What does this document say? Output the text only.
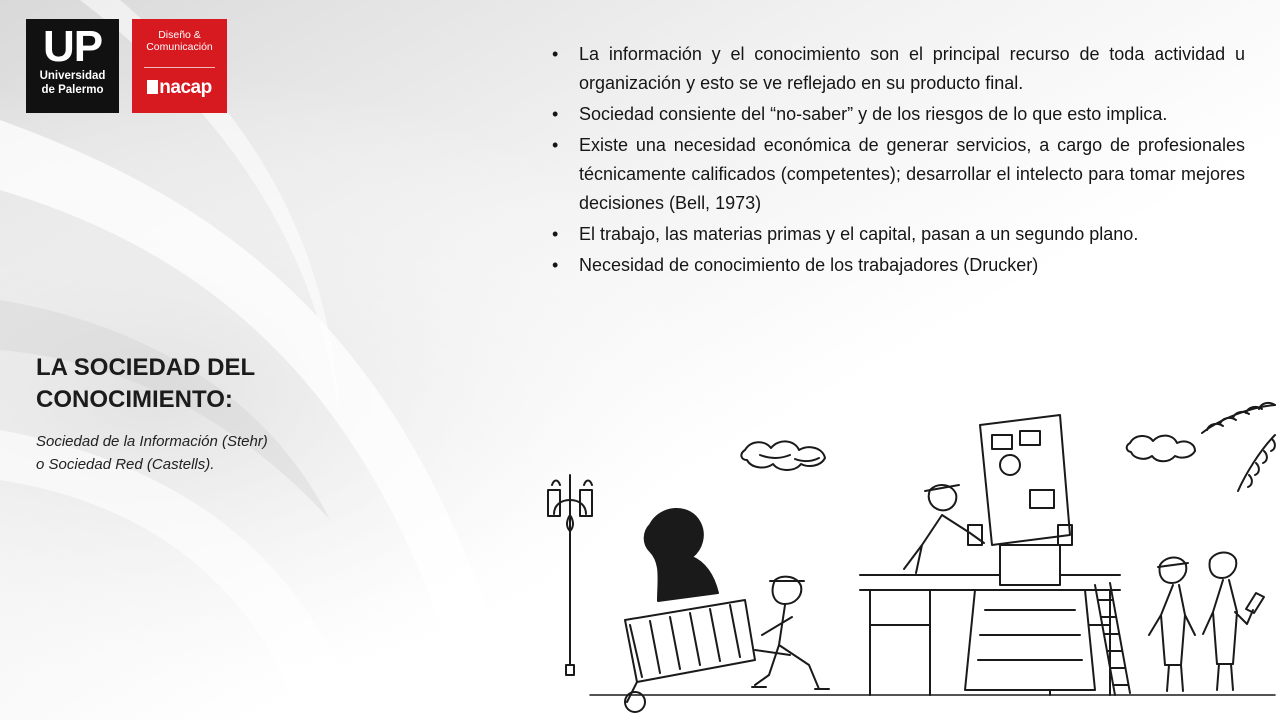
UP
Universidad
de Palermo
Diseño &
Comunicación
nacap
• La información y el conocimiento son el principal recurso de toda actividad u organización y esto se ve reflejado en su producto final.
• Sociedad consiente del “no-saber” y de los riesgos de lo que esto implica.
• Existe una necesidad económica de generar servicios, a cargo de profesionales técnicamente calificados (competentes); desarrollar el intelecto para tomar mejores decisiones (Bell, 1973)
• El trabajo, las materias primas y el capital, pasan a un segundo plano.
• Necesidad de conocimiento de los trabajadores (Drucker)
LA SOCIEDAD DEL
CONOCIMIENTO:

Sociedad de la Información (Stehr)
o Sociedad Red (Castells).
